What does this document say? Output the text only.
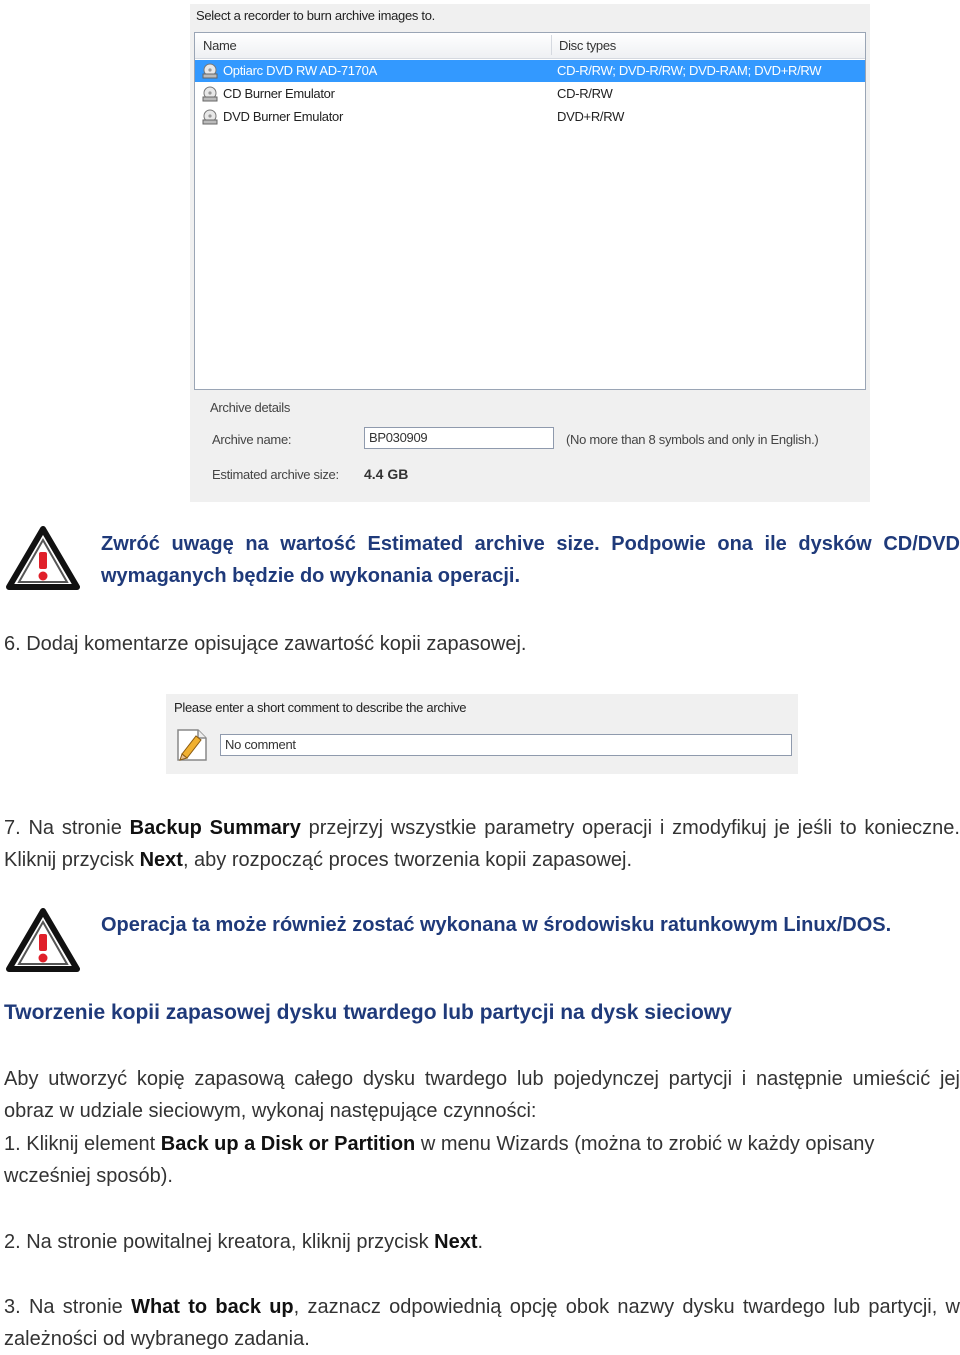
Select a recorder to burn archive images to.
Name	Disc types
Optiarc DVD RW AD-7170A	CD-R/RW; DVD-R/RW; DVD-RAM; DVD+R/RW
CD Burner Emulator	CD-R/RW
DVD Burner Emulator	DVD+R/RW
Archive details
Archive name:	BP030909	(No more than 8 symbols and only in English.)
Estimated archive size: 4.4 GB
Zwróć uwagę na wartość Estimated archive size. Podpowie ona ile dysków CD/DVD wymaganych będzie do wykonania operacji.
6. Dodaj komentarze opisujące zawartość kopii zapasowej.
Please enter a short comment to describe the archive
No comment
7. Na stronie Backup Summary przejrzyj wszystkie parametry operacji i zmodyfikuj je jeśli to konieczne. Kliknij przycisk Next, aby rozpocząć proces tworzenia kopii zapasowej.
Operacja ta może również zostać wykonana w środowisku ratunkowym Linux/DOS.
Tworzenie kopii zapasowej dysku twardego lub partycji na dysk sieciowy
Aby utworzyć kopię zapasową całego dysku twardego lub pojedynczej partycji i następnie umieścić jej obraz w udziale sieciowym, wykonaj następujące czynności:
1. Kliknij element Back up a Disk or Partition w menu Wizards (można to zrobić w każdy opisany wcześniej sposób).
2. Na stronie powitalnej kreatora, kliknij przycisk Next.
3. Na stronie What to back up, zaznacz odpowiednią opcję obok nazwy dysku twardego lub partycji, w zależności od wybranego zadania.
